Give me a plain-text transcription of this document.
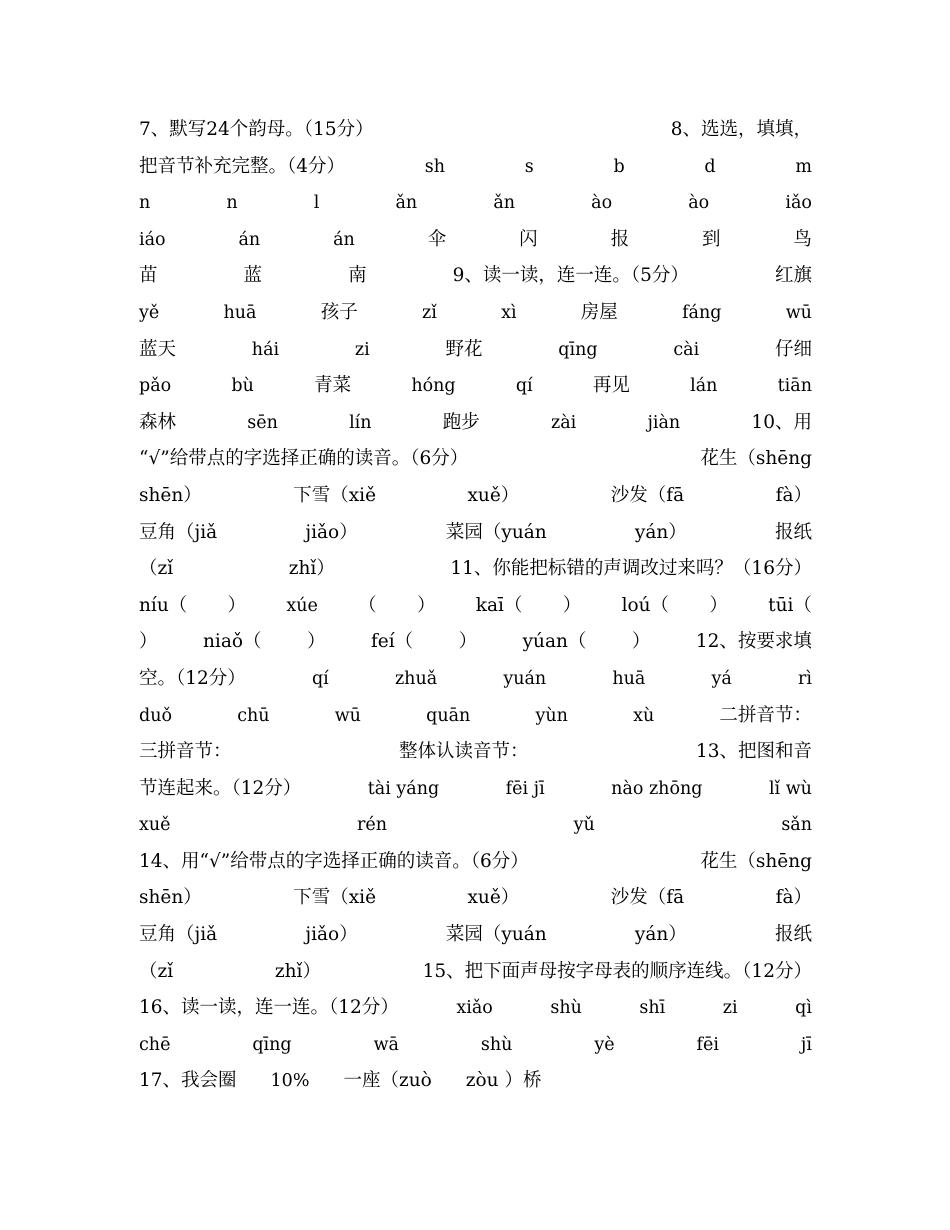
7、默写24个韵母。（15分）	8、选选，填填，
把音节补充完整。（4分）	sh	s	b	d	m
n	n	l	ǎn	ǎn	ào	ào	iǎo
iáo	án	án	伞	闪	报	到	鸟
苗	蓝	南	9、读一读，连一连。（5分）	红旗
yě	huā	孩子	zǐ	xì	房屋	fáng	wū
蓝天	hái	zi	野花	qīng	cài	仔细
pǎo	bù	青菜	hóng	qí	再见	lán	tiān
森林	sēn	lín	跑步	zài	jiàn	10、用
“√”给带点的字选择正确的读音。（6分）	花生（shēng
shēn）	下雪（xiě	xuě）	沙发（fā	fà）
豆角（jiǎ	jiǎo）	菜园（yuán	yán）	报纸
（zǐ	zhǐ）	11、你能把标错的声调改过来吗？（16分）
níu（ ） xúe （ ） kaī（ ） loú（ ） tūi（
） niaǒ（ ） feí（ ） yúan（ ） 12、按要求填
空。（12分）	qí	zhuǎ	yuán	huā	yá	rì
duǒ	chū	wū	quān	yùn	xù	二拼音节：
三拼音节：	整体认读音节：	13、把图和音
节连起来。（12分）	tài yáng	fēi jī	nào zhōng	lǐ wù
xuě	rén	yǔ	sǎn
14、用“√”给带点的字选择正确的读音。（6分）	花生（shēng
shēn）	下雪（xiě	xuě）	沙发（fā	fà）
豆角（jiǎ	jiǎo）	菜园（yuán	yán）	报纸
（zǐ	zhǐ）	15、把下面声母按字母表的顺序连线。（12分）
16、读一读，连一连。（12分）	xiǎo	shù	shī	zi	qì
chē	qīng	wā	shù	yè	fēi	jī
17、我会圈 10% 一座（zuò zòu ）桥
